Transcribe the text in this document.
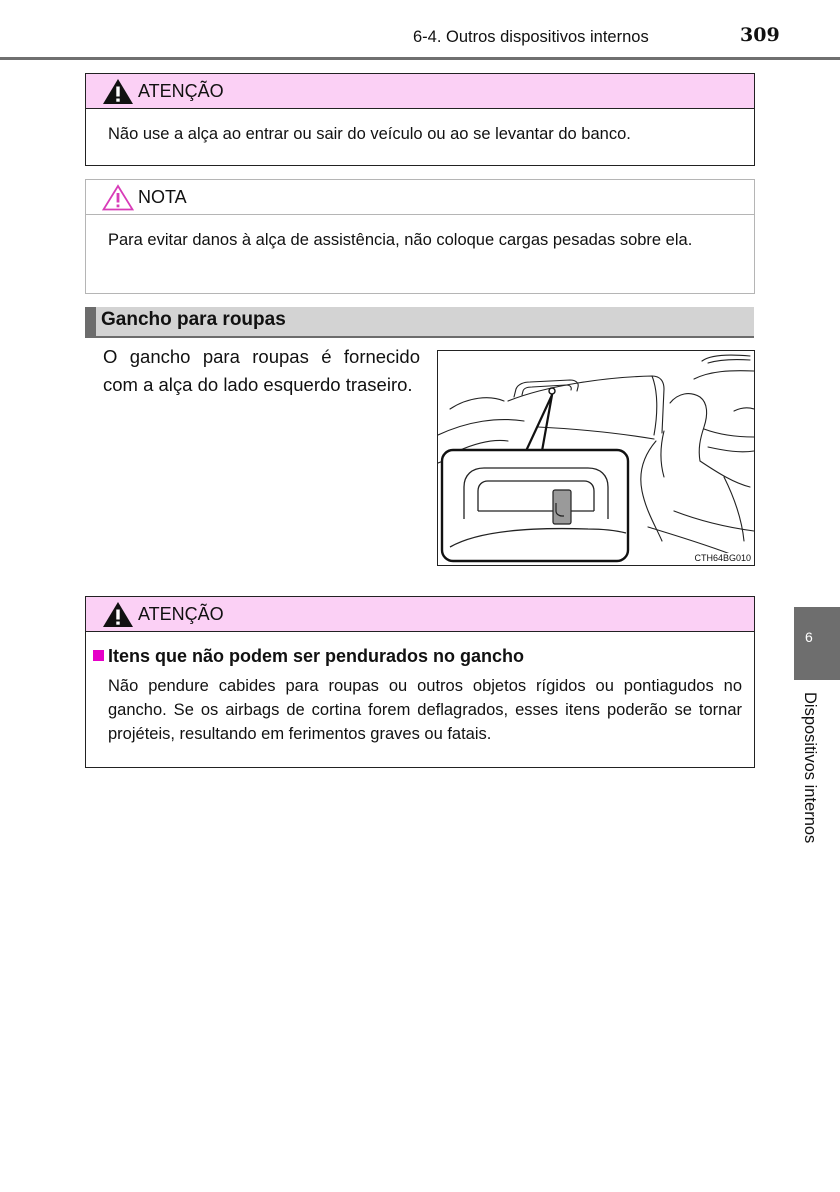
6-4. Outros dispositivos internos	309
ATENÇÃO
Não use a alça ao entrar ou sair do veículo ou ao se levantar do banco.
NOTA
Para evitar danos à alça de assistência, não coloque cargas pesadas sobre ela.
Gancho para roupas
O gancho para roupas é fornecido com a alça do lado esquerdo traseiro.
CTH64BG010
ATENÇÃO
Itens que não podem ser pendurados no gancho
Não pendure cabides para roupas ou outros objetos rígidos ou pontiagudos no gancho. Se os airbags de cortina forem deflagrados, esses itens poderão se tornar projéteis, resultando em ferimentos graves ou fatais.
6
Dispositivos internos
